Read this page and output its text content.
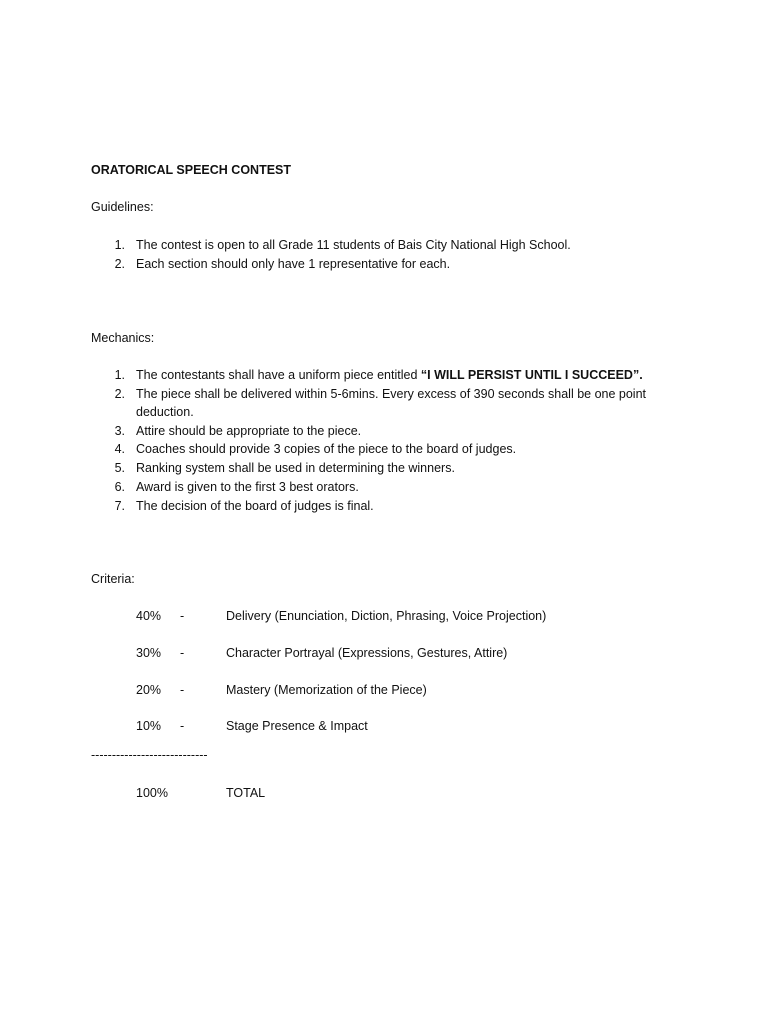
ORATORICAL SPEECH CONTEST
Guidelines:
1. The contest is open to all Grade 11 students of Bais City National High School.
2. Each section should only have 1 representative for each.
Mechanics:
1. The contestants shall have a uniform piece entitled “I WILL PERSIST UNTIL I SUCCEED”.
2. The piece shall be delivered within 5-6mins. Every excess of 390 seconds shall be one point
deduction.
3. Attire should be appropriate to the piece.
4. Coaches should provide 3 copies of the piece to the board of judges.
5. Ranking system shall be used in determining the winners.
6. Award is given to the first 3 best orators.
7. The decision of the board of judges is final.
Criteria:
40% -	Delivery (Enunciation, Diction, Phrasing, Voice Projection)
30% -	Character Portrayal (Expressions, Gestures, Attire)
20% -	Mastery (Memorization of the Piece)
10% -	Stage Presence & Impact
----------------------------
100%	TOTAL
